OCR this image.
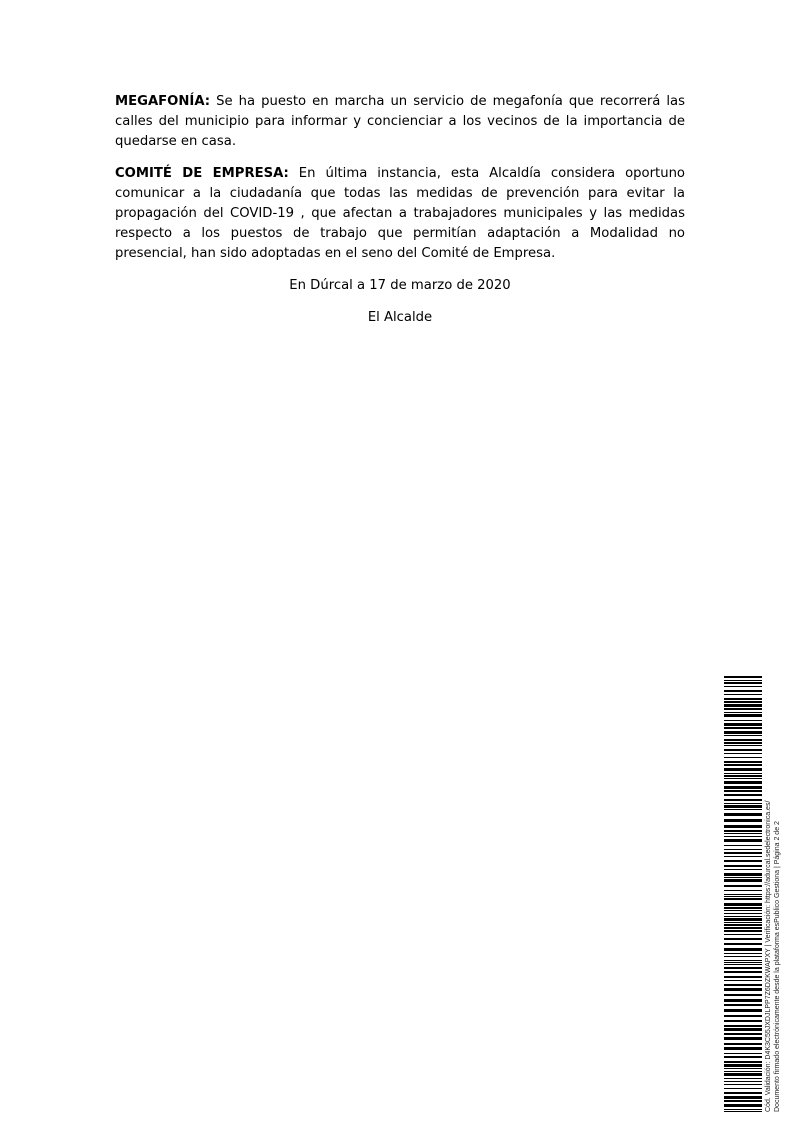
MEGAFONÍA: Se ha puesto en marcha un servicio de megafonía que recorrerá las calles del municipio para informar y concienciar a los vecinos de la importancia de quedarse en casa.

COMITÉ DE EMPRESA: En última instancia, esta Alcaldía considera oportuno comunicar a la ciudadanía que todas las medidas de prevención para evitar la propagación del COVID-19 , que afectan a trabajadores municipales y las medidas respecto a los puestos de trabajo que permitían adaptación a Modalidad no presencial, han sido adoptadas en el seno del Comité de Empresa.

En Dúrcal a 17 de marzo de 2020

El Alcalde

Cód. Validación: D4K3C55JXDJLPP7Z6DZKWAPXY | Verificación: https://adurcal.sedelectronica.es/ Documento firmado electrónicamente desde la plataforma esPublico Gestiona | Página 2 de 2
